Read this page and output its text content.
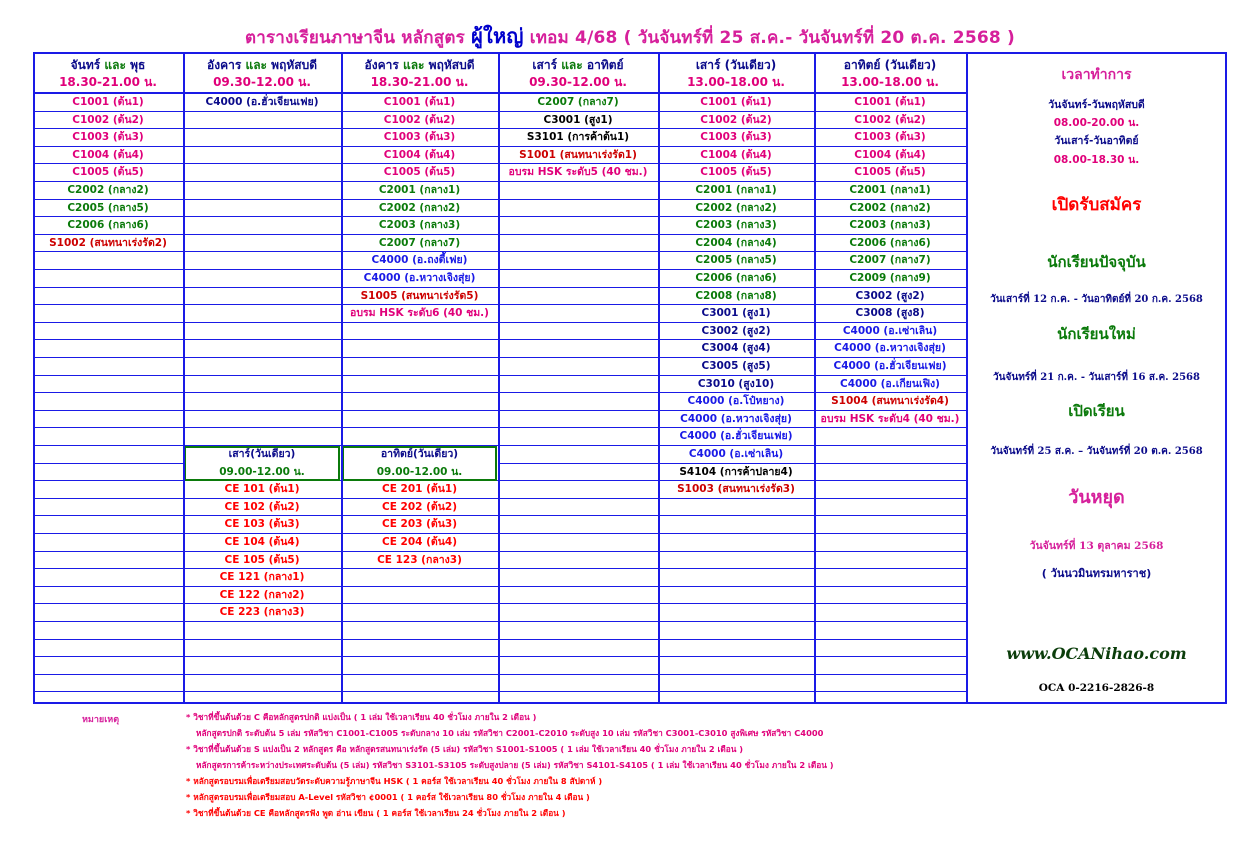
ตารางเรียนภาษาจีน หลักสูตร ผู้ใหญ่ เทอม 4/68 ( วันจันทร์ที่ 25 ส.ค.- วันจันทร์ที่ 20 ต.ค. 2568 )
จันทร์ และ พุธ
18.30-21.00 น.
C1001 (ต้น1)
C1002 (ต้น2)
C1003 (ต้น3)
C1004 (ต้น4)
C1005 (ต้น5)
C2002 (กลาง2)
C2005 (กลาง5)
C2006 (กลาง6)
S1002 (สนทนาเร่งรัด2)
อังคาร และ พฤหัสบดี
09.30-12.00 น.
C4000 (อ.ฮั่วเจียนเฟย)
เสาร์(วันเดียว)
09.00-12.00 น.
CE 101 (ต้น1)
CE 102 (ต้น2)
CE 103 (ต้น3)
CE 104 (ต้น4)
CE 105 (ต้น5)
CE 121 (กลาง1)
CE 122 (กลาง2)
CE 223 (กลาง3)
อังคาร และ พฤหัสบดี
18.30-21.00 น.
C1001 (ต้น1)
C1002 (ต้น2)
C1003 (ต้น3)
C1004 (ต้น4)
C1005 (ต้น5)
C2001 (กลาง1)
C2002 (กลาง2)
C2003 (กลาง3)
C2007 (กลาง7)
C4000 (อ.ถงตี้เฟย)
C4000 (อ.หวางเจิงสุ่ย)
S1005 (สนทนาเร่งรัด5)
อบรม HSK ระดับ6 (40 ชม.)
อาทิตย์(วันเดียว)
09.00-12.00 น.
CE 201 (ต้น1)
CE 202 (ต้น2)
CE 203 (ต้น3)
CE 204 (ต้น4)
CE 123 (กลาง3)
เสาร์ และ อาทิตย์
09.30-12.00 น.
C2007 (กลาง7)
C3001 (สูง1)
S3101 (การค้าต้น1)
S1001 (สนทนาเร่งรัด1)
อบรม HSK ระดับ5 (40 ชม.)
เสาร์ (วันเดียว)
13.00-18.00 น.
C1001 (ต้น1)
C1002 (ต้น2)
C1003 (ต้น3)
C1004 (ต้น4)
C1005 (ต้น5)
C2001 (กลาง1)
C2002 (กลาง2)
C2003 (กลาง3)
C2004 (กลาง4)
C2005 (กลาง5)
C2006 (กลาง6)
C2008 (กลาง8)
C3001 (สูง1)
C3002 (สูง2)
C3004 (สูง4)
C3005 (สูง5)
C3010 (สูง10)
C4000 (อ.โป๋หยาง)
C4000 (อ.หวางเจิงสุ่ย)
C4000 (อ.ฮั่วเจียนเฟย)
C4000 (อ.เซ่าเลิน)
S4104 (การค้าปลาย4)
S1003 (สนทนาเร่งรัด3)
อาทิตย์ (วันเดียว)
13.00-18.00 น.
C1001 (ต้น1)
C1002 (ต้น2)
C1003 (ต้น3)
C1004 (ต้น4)
C1005 (ต้น5)
C2001 (กลาง1)
C2002 (กลาง2)
C2003 (กลาง3)
C2006 (กลาง6)
C2007 (กลาง7)
C2009 (กลาง9)
C3002 (สูง2)
C3008 (สูง8)
C4000 (อ.เซ่าเลิน)
C4000 (อ.หวางเจิงสุ่ย)
C4000 (อ.ฮั่วเจียนเฟย)
C4000 (อ.เกียนเฟิง)
S1004 (สนทนาเร่งรัด4)
อบรม HSK ระดับ4 (40 ชม.)
เวลาทำการ
วันจันทร์-วันพฤหัสบดี
08.00-20.00 น.
วันเสาร์-วันอาทิตย์
08.00-18.30 น.
เปิดรับสมัคร
นักเรียนปัจจุบัน
วันเสาร์ที่ 12 ก.ค. - วันอาทิตย์ที่ 20 ก.ค. 2568
นักเรียนใหม่
วันจันทร์ที่ 21 ก.ค. - วันเสาร์ที่ 16 ส.ค. 2568
เปิดเรียน
วันจันทร์ที่ 25 ส.ค. – วันจันทร์ที่ 20 ต.ค. 2568
วันหยุด
วันจันทร์ที่ 13 ตุลาคม 2568
( วันนวมินทรมหาราช)
www.OCANihao.com
OCA 0-2216-2826-8
หมายเหตุ	* วิชาที่ขึ้นต้นด้วย C คือหลักสูตรปกติ แบ่งเป็น ( 1 เล่ม ใช้เวลาเรียน 40 ชั่วโมง ภายใน 2 เดือน )
หลักสูตรปกติ ระดับต้น 5 เล่ม รหัสวิชา C1001-C1005 ระดับกลาง 10 เล่ม รหัสวิชา C2001-C2010 ระดับสูง 10 เล่ม รหัสวิชา C3001-C3010 สูงพิเศษ รหัสวิชา C4000
* วิชาที่ขึ้นต้นด้วย S แบ่งเป็น 2 หลักสูตร คือ หลักสูตรสนทนาเร่งรัด (5 เล่ม) รหัสวิชา S1001-S1005 ( 1 เล่ม ใช้เวลาเรียน 40 ชั่วโมง ภายใน 2 เดือน )
หลักสูตรการค้าระหว่างประเทศระดับต้น (5 เล่ม) รหัสวิชา S3101-S3105 ระดับสูงปลาย (5 เล่ม) รหัสวิชา S4101-S4105 ( 1 เล่ม ใช้เวลาเรียน 40 ชั่วโมง ภายใน 2 เดือน )
* หลักสูตรอบรมเพื่อเตรียมสอบวัดระดับความรู้ภาษาจีน HSK ( 1 คอร์ส ใช้เวลาเรียน 40 ชั่วโมง ภายใน 8 สัปดาห์ )
* หลักสูตรอบรมเพื่อเตรียมสอบ A-Level รหัสวิชา ¢0001 ( 1 คอร์ส ใช้เวลาเรียน 80 ชั่วโมง ภายใน 4 เดือน )
* วิชาที่ขึ้นต้นด้วย CE คือหลักสูตรฟัง พูด อ่าน เขียน ( 1 คอร์ส ใช้เวลาเรียน 24 ชั่วโมง ภายใน 2 เดือน )
